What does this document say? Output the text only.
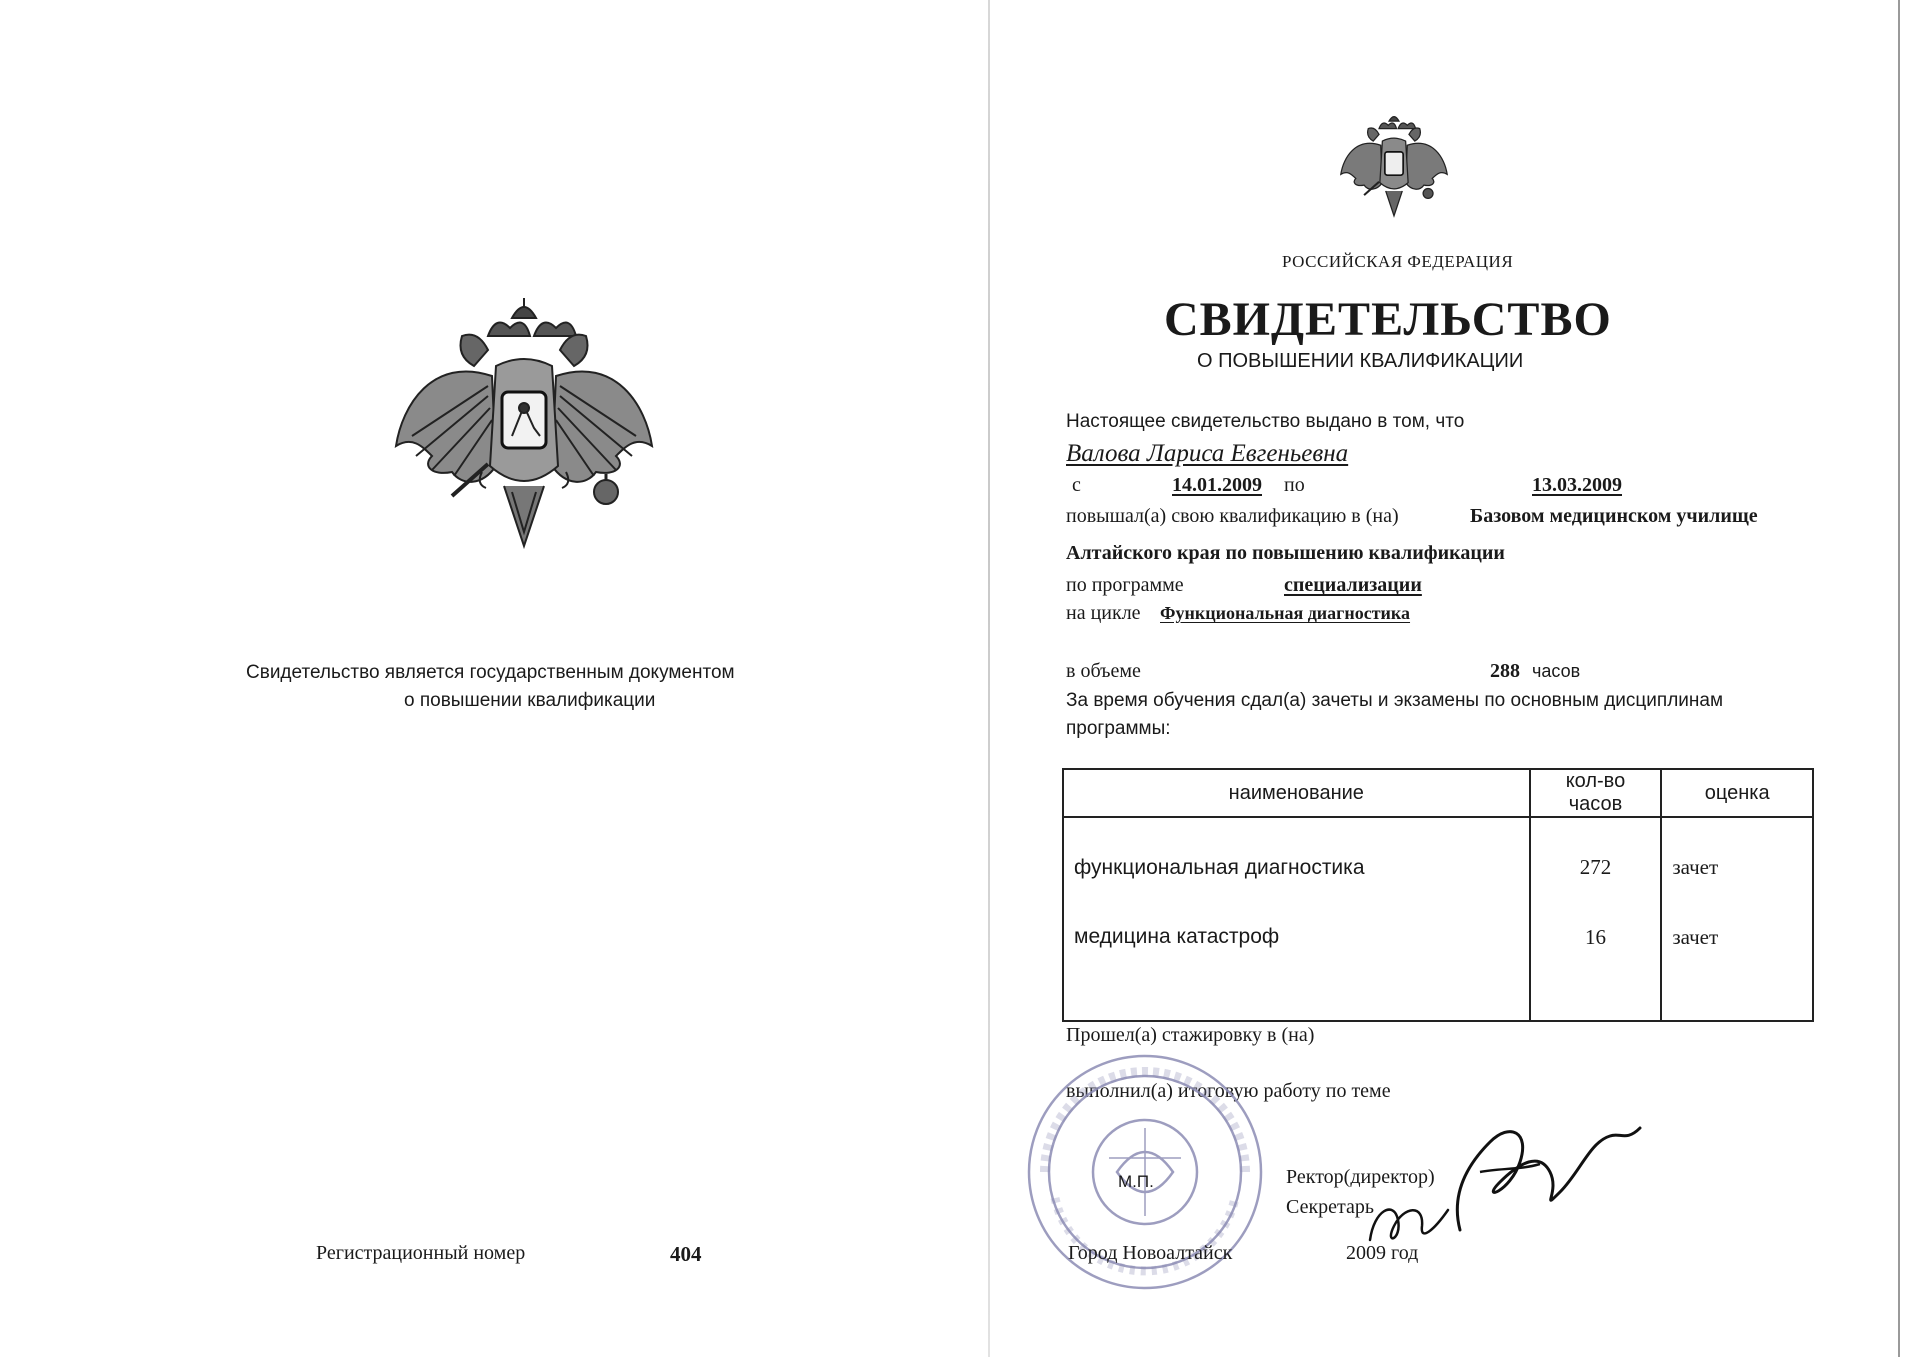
Свидетельство является государственным документом
о повышении квалификации
Регистрационный номер	404
РОССИЙСКАЯ ФЕДЕРАЦИЯ
СВИДЕТЕЛЬСТВО
О ПОВЫШЕНИИ КВАЛИФИКАЦИИ
Настоящее свидетельство выдано в том, что
Валова Лариса Евгеньевна
с	14.01.2009 по	13.03.2009
повышал(а) свою квалификацию в (на)	Базовом медицинском училище
Алтайского края по повышению квалификации
по программе	специализации
на цикле Функциональная диагностика
в объеме	288 часов
За время обучения сдал(а) зачеты и экзамены по основным дисциплинам
программы:
наименование	кол-во часов	оценка
функциональная диагностика	272	зачет
медицина катастроф	16	зачет
Прошел(а) стажировку в (на)
выполнил(а) итоговую работу по теме
М.П.	Ректор(директор)
Секретарь
Город Новоалтайск	2009 год
